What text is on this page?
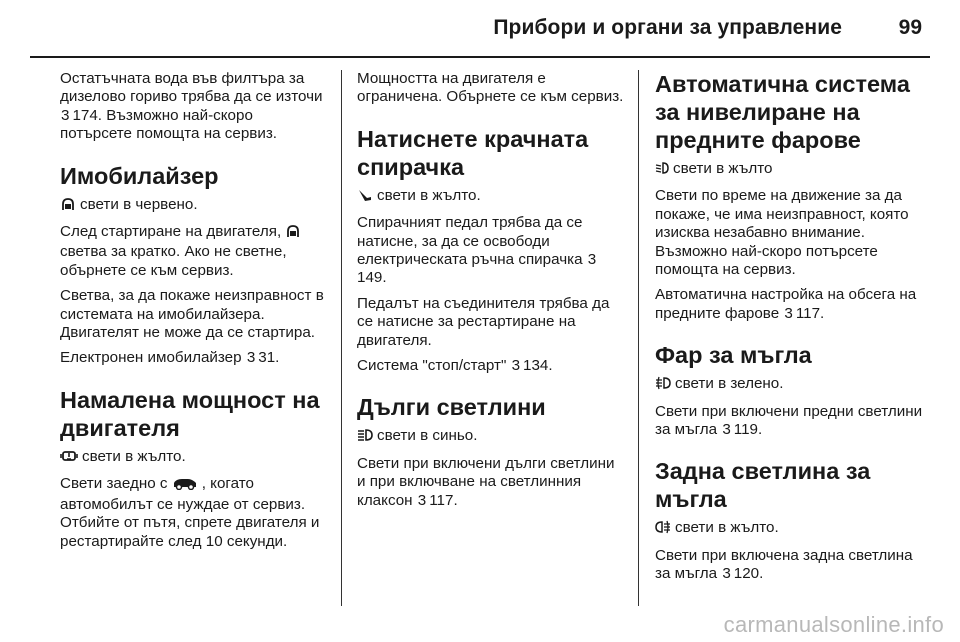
Прибори и органи за управление	99

Остатъчната вода във филтъра за дизелово гориво трябва да се източи 3 174. Възможно най-скоро потърсете помощта на сервиз.

Имобилайзер

свети в червено.

След стартиране на двигателя,  светва за кратко. Ако не светне, обърнете се към сервиз.

Светва, за да покаже неизправност в системата на имобилайзера. Двигателят не може да се стартира.

Електронен имобилайзер 3 31.

Намалена мощност на двигателя

свети в жълто.

Свети заедно с , когато автомобилът се нуждае от сервиз. Отбийте от пътя, спрете двигателя и рестартирайте след 10 секунди.

Мощността на двигателя е ограничена. Обърнете се към сервиз.

Натиснете крачната спирачка

свети в жълто.

Спирачният педал трябва да се натисне, за да се освободи електрическата ръчна спирачка 3149.

Педалът на съединителя трябва да се натисне за рестартиране на двигателя.

Система "стоп/старт" 3 134.

Дълги светлини

свети в синьо.

Свети при включени дълги светлини и при включване на светлинния клаксон 3 117.

Автоматична система за нивелиране на предните фарове

свети в жълто

Свети по време на движение за да покаже, че има неизправност, която изисква незабавно внимание. Възможно най-скоро потърсете помощта на сервиз.

Автоматична настройка на обсега на предните фарове 3 117.

Фар за мъгла

свети в зелено.

Свети при включени предни светлини за мъгла 3 119.

Задна светлина за мъгла

свети в жълто.

Свети при включена задна светлина за мъгла 3 120.

carmanualsonline.info
